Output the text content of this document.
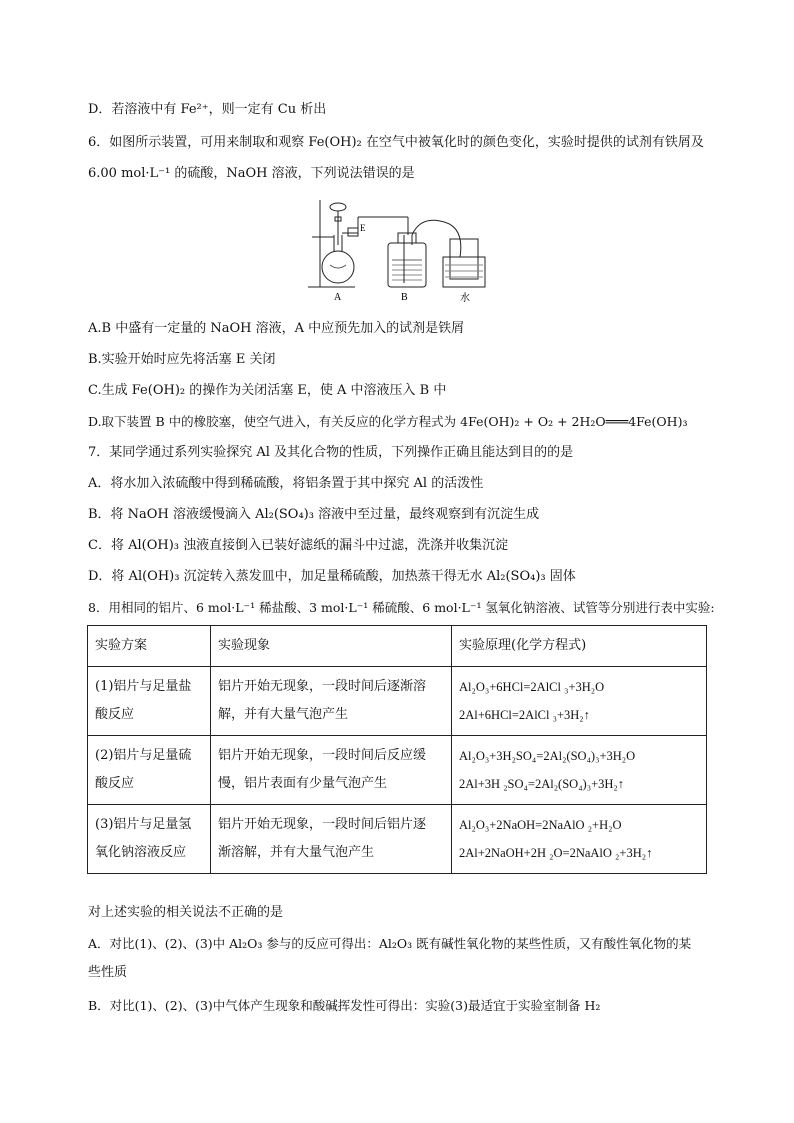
D．若溶液中有 Fe²⁺，则一定有 Cu 析出
6．如图所示装置，可用来制取和观察 Fe(OH)₂ 在空气中被氧化时的颜色变化，实验时提供的试剂有铁屑及
6.00 mol·L⁻¹ 的硫酸，NaOH 溶液，下列说法错误的是
A	B	水
E
A.B 中盛有一定量的 NaOH 溶液，A 中应预先加入的试剂是铁屑
B.实验开始时应先将活塞 E 关闭
C.生成 Fe(OH)₂ 的操作为关闭活塞 E，使 A 中溶液压入 B 中
D.取下装置 B 中的橡胶塞，使空气进入，有关反应的化学方程式为 4Fe(OH)₂ + O₂ + 2H₂O═══4Fe(OH)₃
7．某同学通过系列实验探究 Al 及其化合物的性质，下列操作正确且能达到目的的是
A．将水加入浓硫酸中得到稀硫酸，将铝条置于其中探究 Al 的活泼性
B．将 NaOH 溶液缓慢滴入 Al₂(SO₄)₃ 溶液中至过量，最终观察到有沉淀生成
C．将 Al(OH)₃ 浊液直接倒入已装好滤纸的漏斗中过滤，洗涤并收集沉淀
D．将 Al(OH)₃ 沉淀转入蒸发皿中，加足量稀硫酸，加热蒸干得无水 Al₂(SO₄)₃ 固体
8．用相同的铝片、6 mol·L⁻¹ 稀盐酸、3 mol·L⁻¹ 稀硫酸、6 mol·L⁻¹ 氢氧化钠溶液、试管等分别进行表中实验:
实验方案	实验现象	实验原理(化学方程式)

(1)铝片与足量盐
酸反应	铝片开始无现象，一段时间后逐渐溶
解，并有大量气泡产生	Al₂O₃+6HCl=2AlCl ₃+3H₂O
2Al+6HCl=2AlCl ₃+3H₂↑

(2)铝片与足量硫
酸反应	铝片开始无现象，一段时间后反应缓
慢，铝片表面有少量气泡产生	Al₂O₃+3H₂SO₄=2Al₂(SO₄)₃+3H₂O
2Al+3H ₂SO₄=2Al₂(SO₄)₃+3H₂↑

(3)铝片与足量氢
氧化钠溶液反应	铝片开始无现象，一段时间后铝片逐
渐溶解，并有大量气泡产生	Al₂O₃+2NaOH=2NaAlO ₂+H₂O
2Al+2NaOH+2H ₂O=2NaAlO ₂+3H₂↑
对上述实验的相关说法不正确的是
A．对比(1)、(2)、(3)中 Al₂O₃ 参与的反应可得出：Al₂O₃ 既有碱性氧化物的某些性质，又有酸性氧化物的某
些性质
B．对比(1)、(2)、(3)中气体产生现象和酸碱挥发性可得出：实验(3)最适宜于实验室制备 H₂
